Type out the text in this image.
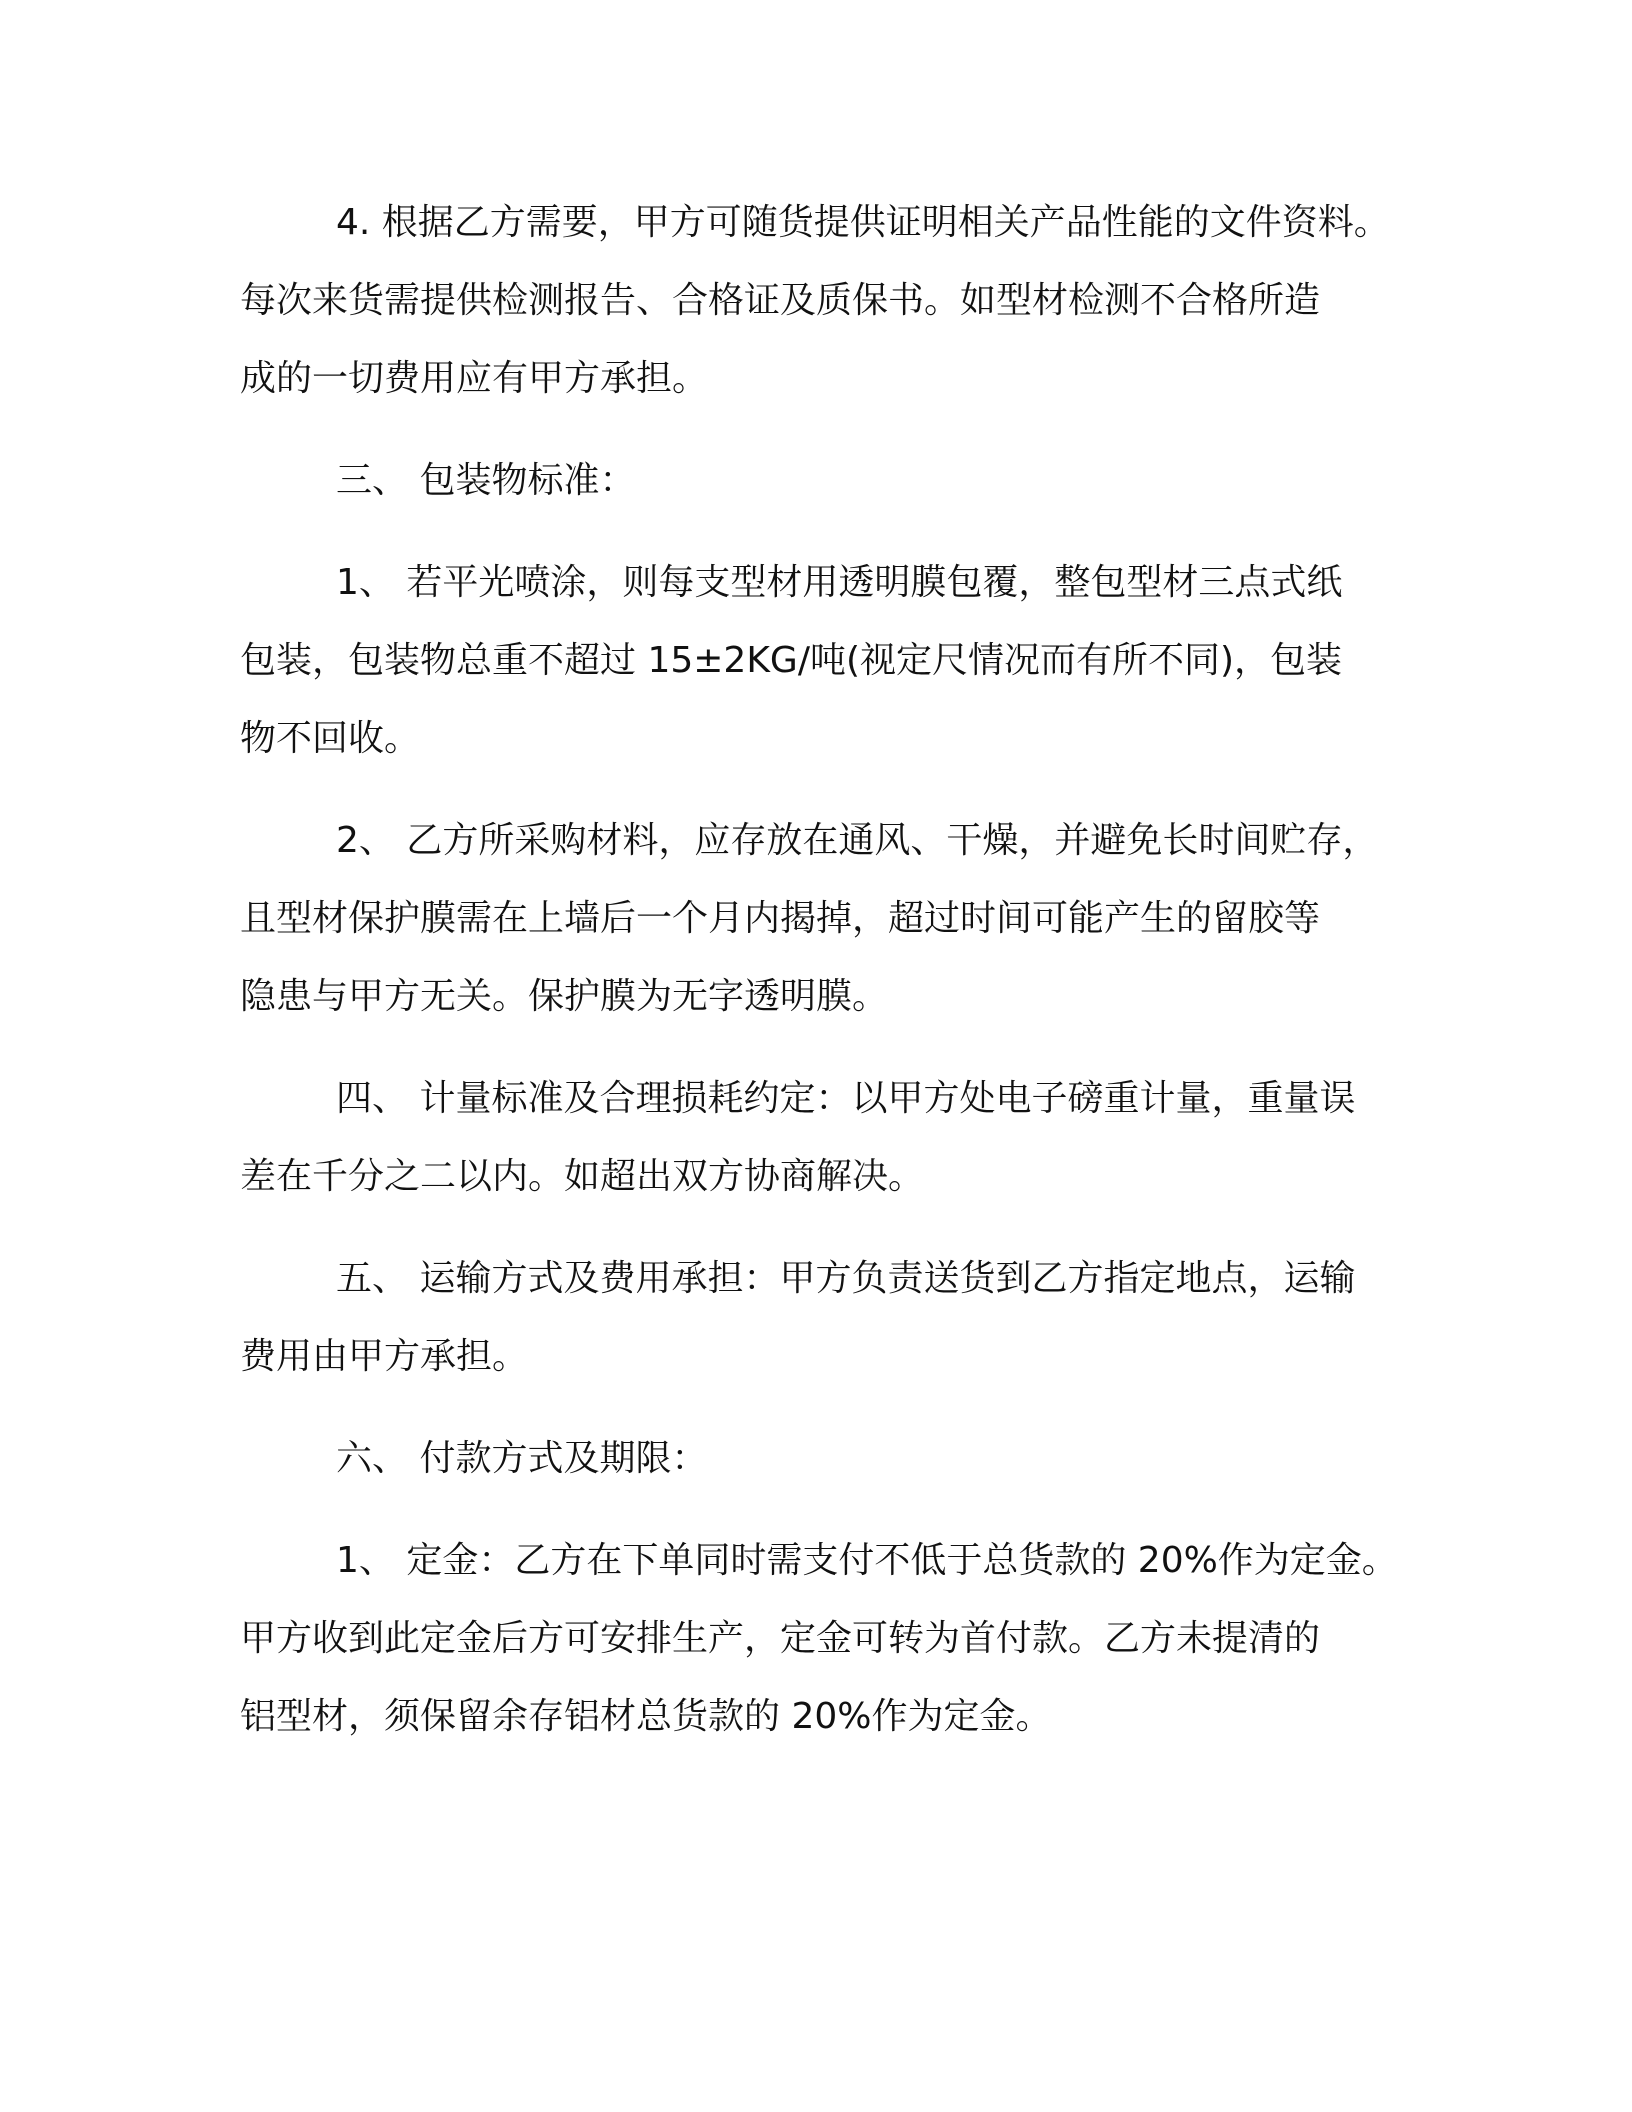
4. 根据乙方需要，甲方可随货提供证明相关产品性能的文件资料。
每次来货需提供检测报告、合格证及质保书。如型材检测不合格所造
成的一切费用应有甲方承担。

三、 包装物标准：

1、 若平光喷涂，则每支型材用透明膜包覆，整包型材三点式纸
包装，包装物总重不超过 15±2KG/吨(视定尺情况而有所不同)，包装
物不回收。

2、 乙方所采购材料，应存放在通风、干燥，并避免长时间贮存，
且型材保护膜需在上墙后一个月内揭掉，超过时间可能产生的留胶等
隐患与甲方无关。保护膜为无字透明膜。

四、 计量标准及合理损耗约定：以甲方处电子磅重计量，重量误
差在千分之二以内。如超出双方协商解决。

五、 运输方式及费用承担：甲方负责送货到乙方指定地点，运输
费用由甲方承担。

六、 付款方式及期限：

1、 定金：乙方在下单同时需支付不低于总货款的 20%作为定金。
甲方收到此定金后方可安排生产，定金可转为首付款。乙方未提清的
铝型材，须保留余存铝材总货款的 20%作为定金。
